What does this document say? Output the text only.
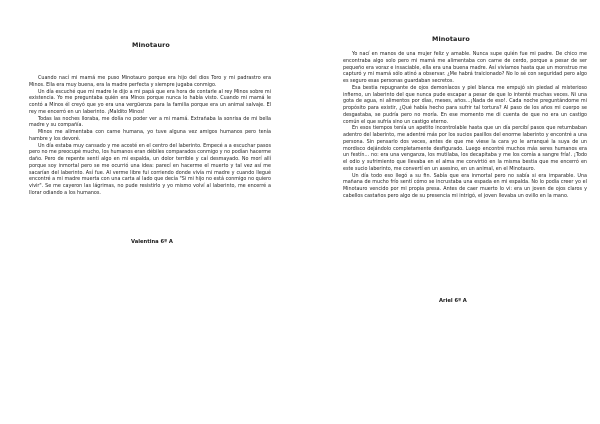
Minotauro

Cuando nací mi mamá me puso Minotauro porque era hijo del dios Toro y mi padrastro era Minos. Ella era muy buena, era la madre perfecta y siempre jugaba conmigo.

Un día escuché que mi madre le dijo a mi papá que era hora de contarle al rey Minos sobre mi existencia. Yo me preguntaba quién era Minos porque nunca lo había visto. Cuando mi mamá le contó a Minos él creyó que yo era una vergüenza para la familia porque era un animal salvaje. El rey me encerró en un laberinto. ¡Maldito Minos!

Todas las noches lloraba, me dolía no poder ver a mi mamá. Extrañaba la sonrisa de mi bella madre y su compañía.

Minos me alimentaba con carne humana, yo tuve alguna vez amigos humanos pero tenía hambre y los devoré.

Un día estaba muy cansado y me acosté en el centro del laberinto. Empecé a a escuchar pasos pero no me preocupé mucho, los humanos eran débiles comparados conmigo y no podían hacerme daño. Pero de repente sentí algo en mi espalda, un dolor terrible y caí desmayado. No morí allí porque soy inmortal pero se me ocurrió una idea: parecí en hacerme el muerto y tal vez así me sacarían del laberinto. Así fue. Al verme libre fui corriendo donde vivía mi madre y cuando llegué encontré a mi madre muerta con una carta al lado que decía "Si mi hijo no está conmigo no quiero vivir". Se me cayeron las lágrimas, no pude resistirlo y yo mismo volví al laberinto, me encerré a llorar odiando a los humanos.

Valentina 6º A
Minotauro

Yo nací en manos de una mujer feliz y amable. Nunca supe quién fue mi padre. De chico me encontraba algo solo pero mi mamá me alimentaba con carne de cerdo, porque a pesar de ser pequeño era voraz e insaciable, ella era una buena madre. Así vivíamos hasta que un monstruo me capturó y mi mamá sólo atinó a observar. ¿Me habrá traicionado? No lo sé con seguridad pero algo es seguro esas personas guardaban secretos.

Esa bestia repugnante de ojos demoníacos y piel blanca me empujó sin piedad al misterioso infierno, un laberinto del que nunca pude escapar a pesar de que lo intenté muchas veces. Ni una gota de agua, ni alimentos por días, meses, años…¡Nada de eso!. Cada noche preguntándome mi propósito para existir, ¿Qué había hecho para sufrir tal tortura? Al paso de los años mi cuerpo se desgastaba, se pudría pero no moría. En ese momento me di cuenta de que no era un castigo común el que sufría sino un castigo eterno.

En esos tiempos tenía un apetito incontrolable hasta que un día percibí pasos que retumbaban adentro del laberinto, me adentré más por los sucios pasillos del enorme laberinto y encontré a una persona. Sin pensarlo dos veces, antes de que me viese la cara yo le arranqué la suya de un mordisco dejándolo completamente desfigurado. Luego encontré muchos más seres humanos era un festín… no: era una venganza, los mutilaba, los decapitaba y me los comía a sangre fría!. ¡Todo el odio y sufrimiento que llevaba en el alma me convirtió en la misma bestia que me encerró en este sucio laberinto, me convertí en un asesino, en un animal, en el Minotauro.

Un día todo eso llegó a su fin. Sabía que era inmortal pero no sabía si era imparable. Una mañana de mucho frío sentí cómo se incrustaba una espada en mi espalda. No lo podía creer yo el Minotauro vencido por mi propia presa. Antes de caer muerto lo vi: era un joven de ojos claros y cabellos castaños pero algo de su presencia mi intrigó, el joven llevaba un ovillo en la mano.

Ariel 6º A
